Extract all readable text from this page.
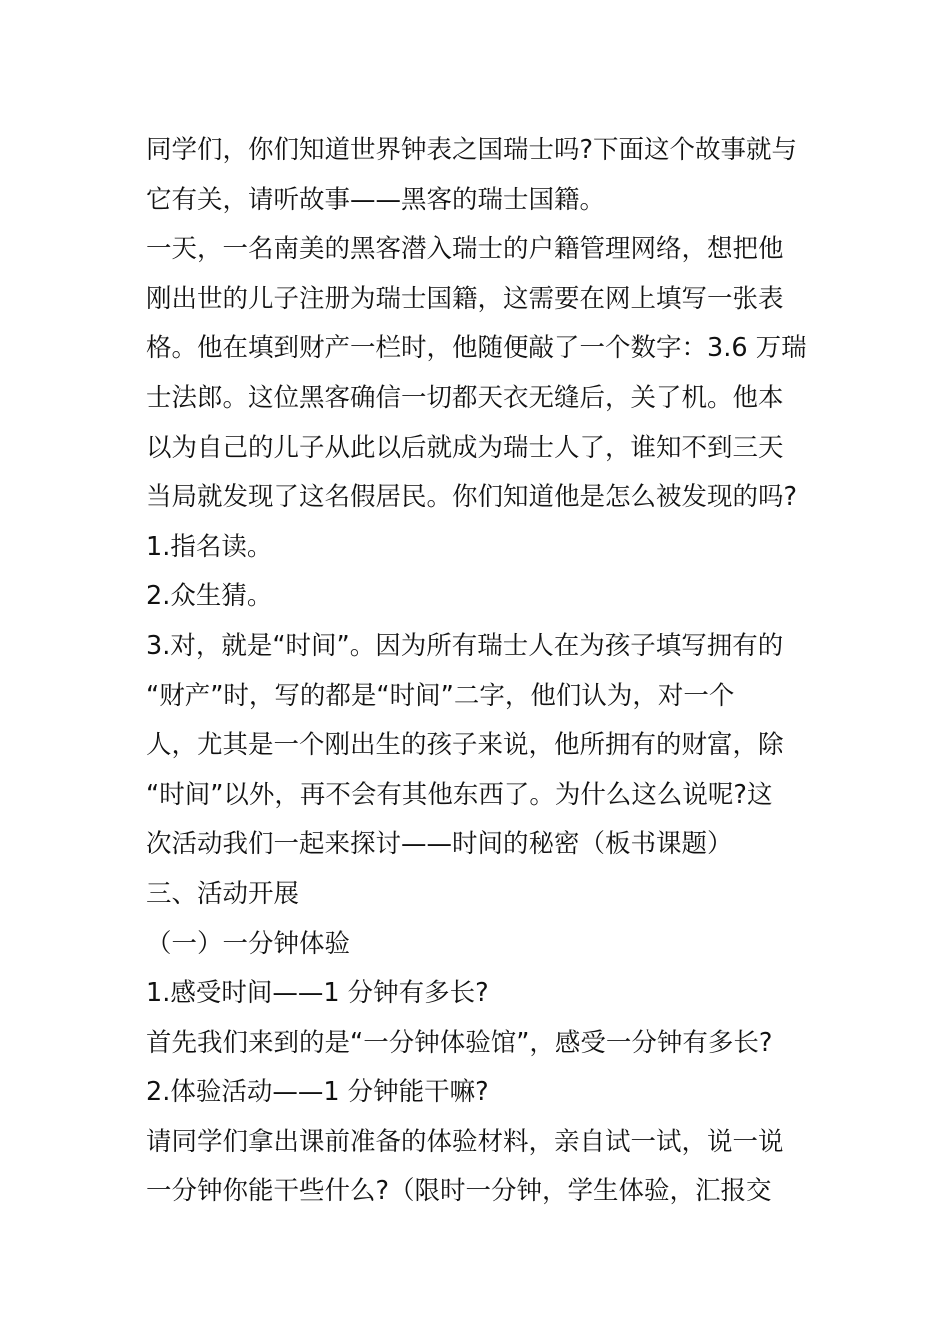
同学们，你们知道世界钟表之国瑞士吗?下面这个故事就与
它有关，请听故事——黑客的瑞士国籍。
一天，一名南美的黑客潜入瑞士的户籍管理网络，想把他
刚出世的儿子注册为瑞士国籍，这需要在网上填写一张表
格。他在填到财产一栏时，他随便敲了一个数字：3.6 万瑞
士法郎。这位黑客确信一切都天衣无缝后，关了机。他本
以为自己的儿子从此以后就成为瑞士人了，谁知不到三天
当局就发现了这名假居民。你们知道他是怎么被发现的吗?
1.指名读。
2.众生猜。
3.对，就是“时间”。因为所有瑞士人在为孩子填写拥有的
“财产”时，写的都是“时间”二字，他们认为，对一个
人，尤其是一个刚出生的孩子来说，他所拥有的财富，除
“时间”以外，再不会有其他东西了。为什么这么说呢?这
次活动我们一起来探讨——时间的秘密（板书课题）
三、活动开展
（一）一分钟体验
1.感受时间——1 分钟有多长?
首先我们来到的是“一分钟体验馆”，感受一分钟有多长?
2.体验活动——1 分钟能干嘛?
请同学们拿出课前准备的体验材料，亲自试一试，说一说
一分钟你能干些什么?（限时一分钟，学生体验，汇报交
